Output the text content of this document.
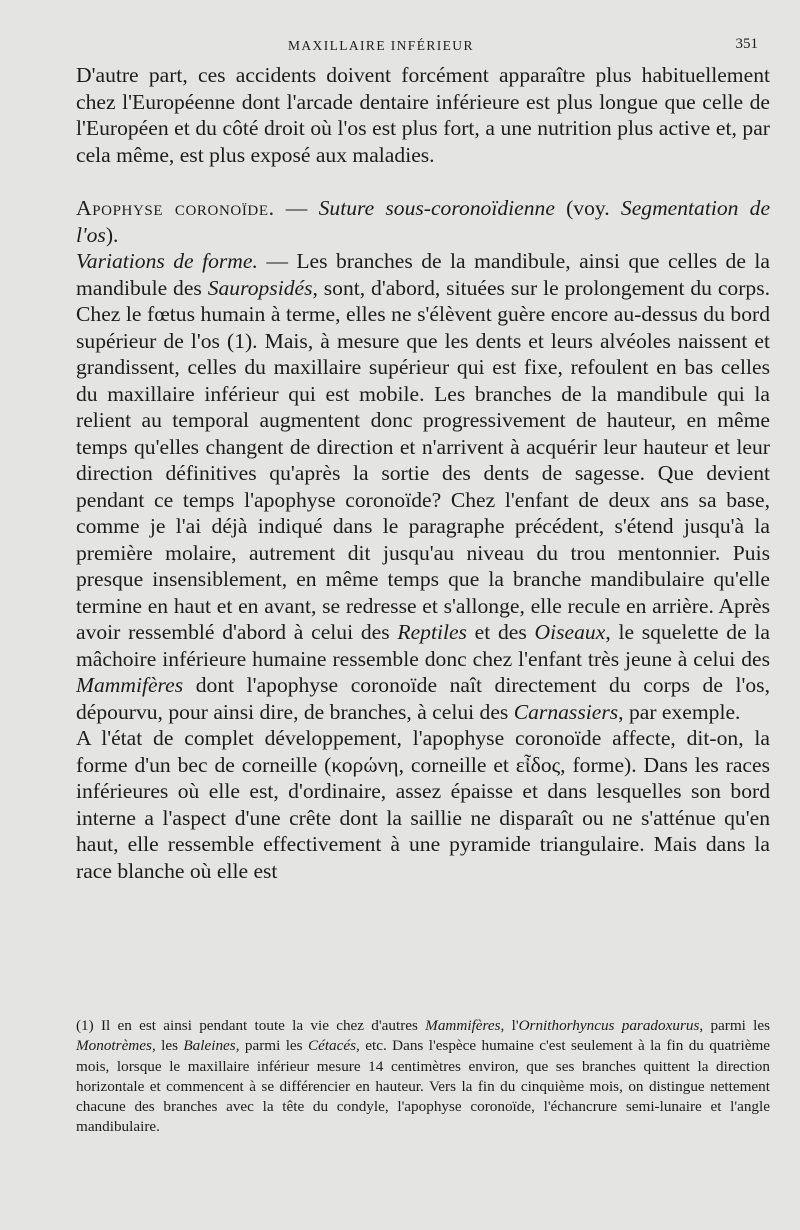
MAXILLAIRE INFÉRIEUR	351

D'autre part, ces accidents doivent forcément apparaître plus habituellement chez l'Européenne dont l'arcade dentaire inférieure est plus longue que celle de l'Européen et du côté droit où l'os est plus fort, a une nutrition plus active et, par cela même, est plus exposé aux maladies.

Apophyse coronoïde. — Suture sous-coronoïdienne (voy. Segmentation de l'os).

Variations de forme. — Les branches de la mandibule, ainsi que celles de la mandibule des Sauropsidés, sont, d'abord, situées sur le prolongement du corps. Chez le fœtus humain à terme, elles ne s'élèvent guère encore au-dessus du bord supérieur de l'os (1). Mais, à mesure que les dents et leurs alvéoles naissent et grandissent, celles du maxillaire supérieur qui est fixe, refoulent en bas celles du maxillaire inférieur qui est mobile. Les branches de la mandibule qui la relient au temporal augmentent donc progressivement de hauteur, en même temps qu'elles changent de direction et n'arrivent à acquérir leur hauteur et leur direction définitives qu'après la sortie des dents de sagesse. Que devient pendant ce temps l'apophyse coronoïde? Chez l'enfant de deux ans sa base, comme je l'ai déjà indiqué dans le paragraphe précédent, s'étend jusqu'à la première molaire, autrement dit jusqu'au niveau du trou mentonnier. Puis presque insensiblement, en même temps que la branche mandibulaire qu'elle termine en haut et en avant, se redresse et s'allonge, elle recule en arrière. Après avoir ressemblé d'abord à celui des Reptiles et des Oiseaux, le squelette de la mâchoire inférieure humaine ressemble donc chez l'enfant très jeune à celui des Mammifères dont l'apophyse coronoïde naît directement du corps de l'os, dépourvu, pour ainsi dire, de branches, à celui des Carnassiers, par exemple.

A l'état de complet développement, l'apophyse coronoïde affecte, dit-on, la forme d'un bec de corneille (κορώνη, corneille et εἶδος, forme). Dans les races inférieures où elle est, d'ordinaire, assez épaisse et dans lesquelles son bord interne a l'aspect d'une crête dont la saillie ne disparaît ou ne s'atténue qu'en haut, elle ressemble effectivement à une pyramide triangulaire. Mais dans la race blanche où elle est

(1) Il en est ainsi pendant toute la vie chez d'autres Mammifères, l'Ornithorhyncus paradoxurus, parmi les Monotrèmes, les Baleines, parmi les Cétacés, etc. Dans l'espèce humaine c'est seulement à la fin du quatrième mois, lorsque le maxillaire inférieur mesure 14 centimètres environ, que ses branches quittent la direction horizontale et commencent à se différencier en hauteur. Vers la fin du cinquième mois, on distingue nettement chacune des branches avec la tête du condyle, l'apophyse coronoïde, l'échancrure semi-lunaire et l'angle mandibulaire.
